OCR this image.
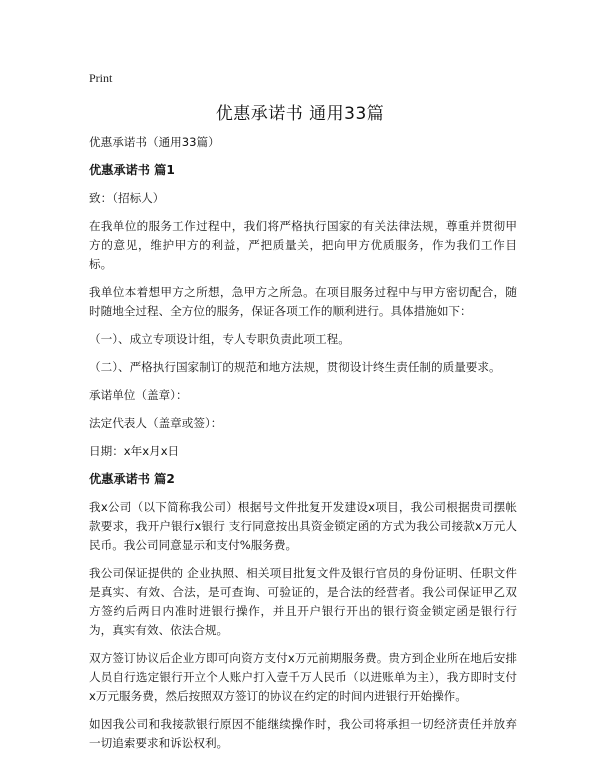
Print
优惠承诺书 通用33篇

优惠承诺书（通用33篇）

优惠承诺书 篇1

致：（招标人）

在我单位的服务工作过程中，我们将严格执行国家的有关法律法规，尊重并贯彻甲方的意见，维护甲方的利益，严把质量关，把向甲方优质服务，作为我们工作目标。

我单位本着想甲方之所想，急甲方之所急。在项目服务过程中与甲方密切配合，随时随地全过程、全方位的服务，保证各项工作的顺利进行。具体措施如下：

（一）、成立专项设计组，专人专职负责此项工程。

（二）、严格执行国家制订的规范和地方法规，贯彻设计终生责任制的质量要求。

承诺单位（盖章）：

法定代表人（盖章或签）：

日期：x年x月x日

优惠承诺书 篇2

我x公司（以下简称我公司）根据号文件批复开发建设x项目，我公司根据贵司摆帐款要求，我开户银行x银行 支行同意按出具资金锁定函的方式为我公司接款x万元人民币。我公司同意显示和支付%服务费。

我公司保证提供的 企业执照、相关项目批复文件及银行官员的身份证明、任职文件是真实、有效、合法，是可查询、可验证的，是合法的经营者。我公司保证甲乙双方签约后两日内准时进银行操作，并且开户银行开出的银行资金锁定函是银行行为，真实有效、依法合规。

双方签订协议后企业方即可向资方支付x万元前期服务费。贵方到企业所在地后安排人员自行选定银行开立个人账户打入壹千万人民币（以进账单为主），我方即时支付x万元服务费，然后按照双方签订的协议在约定的时间内进银行开始操作。

如因我公司和我接款银行原因不能继续操作时，我公司将承担一切经济责任并放弃一切追索要求和诉讼权利。
